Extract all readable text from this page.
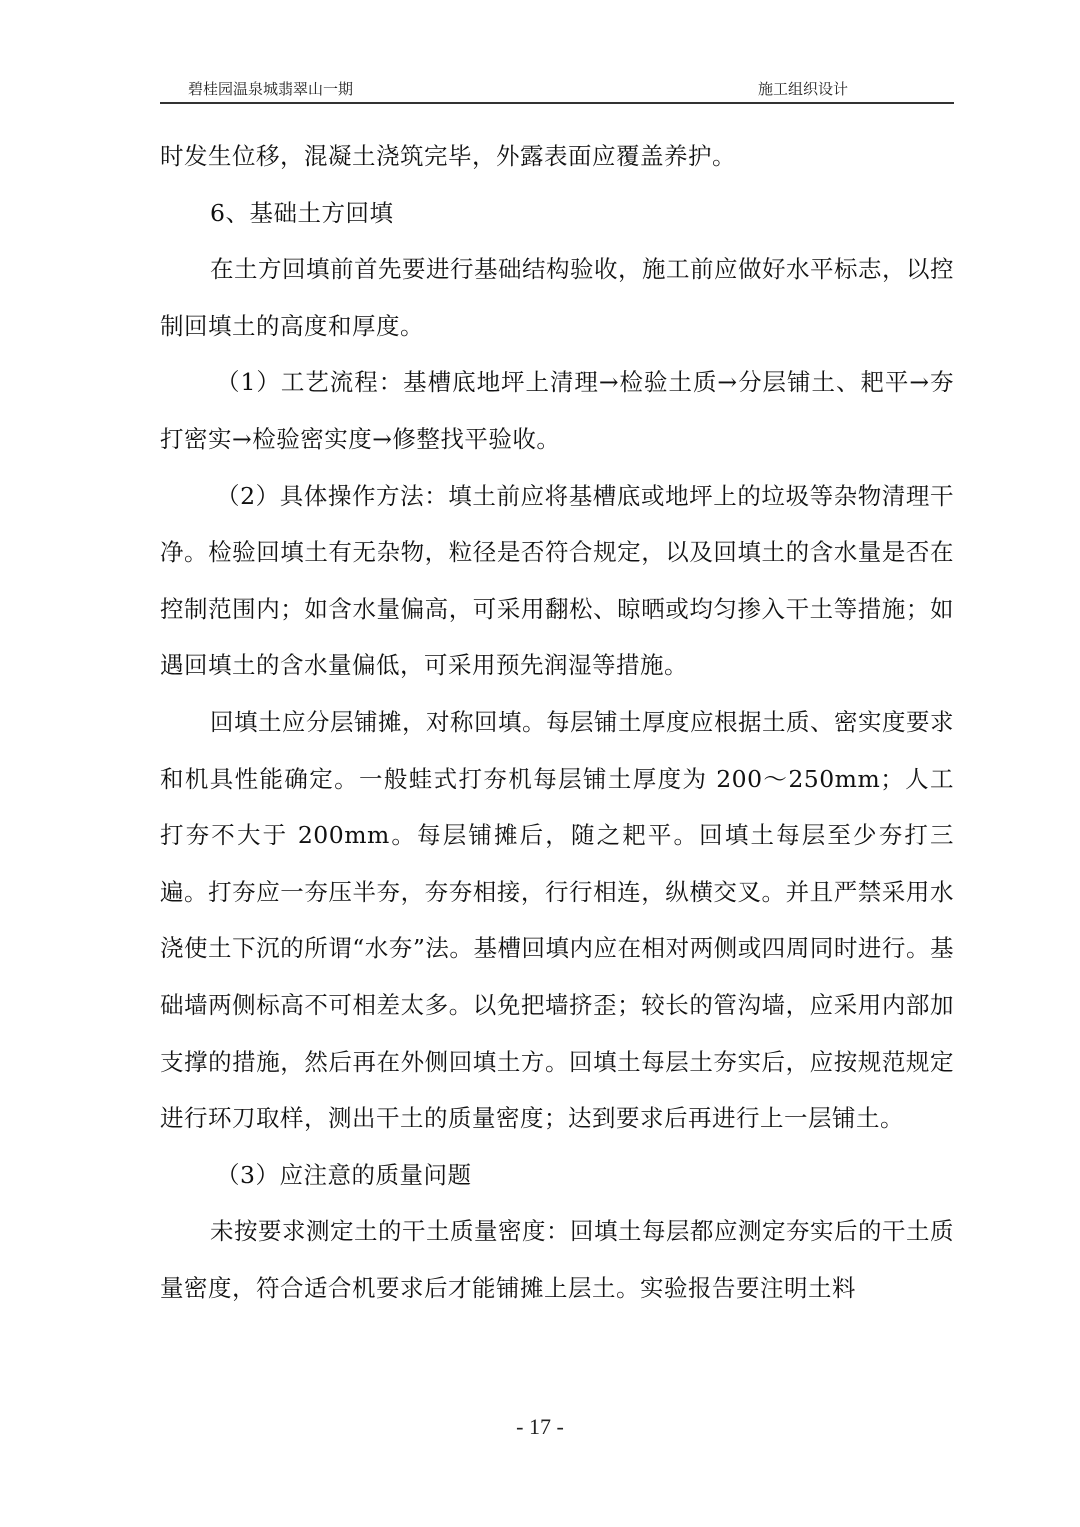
碧桂园温泉城翡翠山一期	施工组织设计

时发生位移，混凝土浇筑完毕，外露表面应覆盖养护。

6、基础土方回填

在土方回填前首先要进行基础结构验收，施工前应做好水平标志，以控制回填土的高度和厚度。

（1）工艺流程：基槽底地坪上清理→检验土质→分层铺土、耙平→夯打密实→检验密实度→修整找平验收。

（2）具体操作方法：填土前应将基槽底或地坪上的垃圾等杂物清理干净。检验回填土有无杂物，粒径是否符合规定，以及回填土的含水量是否在控制范围内；如含水量偏高，可采用翻松、晾晒或均匀掺入干土等措施；如遇回填土的含水量偏低，可采用预先润湿等措施。

回填土应分层铺摊，对称回填。每层铺土厚度应根据土质、密实度要求和机具性能确定。一般蛙式打夯机每层铺土厚度为 200～250mm；人工打夯不大于 200mm。每层铺摊后，随之耙平。回填土每层至少夯打三遍。打夯应一夯压半夯，夯夯相接，行行相连，纵横交叉。并且严禁采用水浇使土下沉的所谓“水夯”法。基槽回填内应在相对两侧或四周同时进行。基础墙两侧标高不可相差太多。以免把墙挤歪；较长的管沟墙，应采用内部加支撑的措施，然后再在外侧回填土方。回填土每层土夯实后，应按规范规定进行环刀取样，测出干土的质量密度；达到要求后再进行上一层铺土。

（3）应注意的质量问题

未按要求测定土的干土质量密度：回填土每层都应测定夯实后的干土质量密度，符合适合机要求后才能铺摊上层土。实验报告要注明土料

- 17 -
